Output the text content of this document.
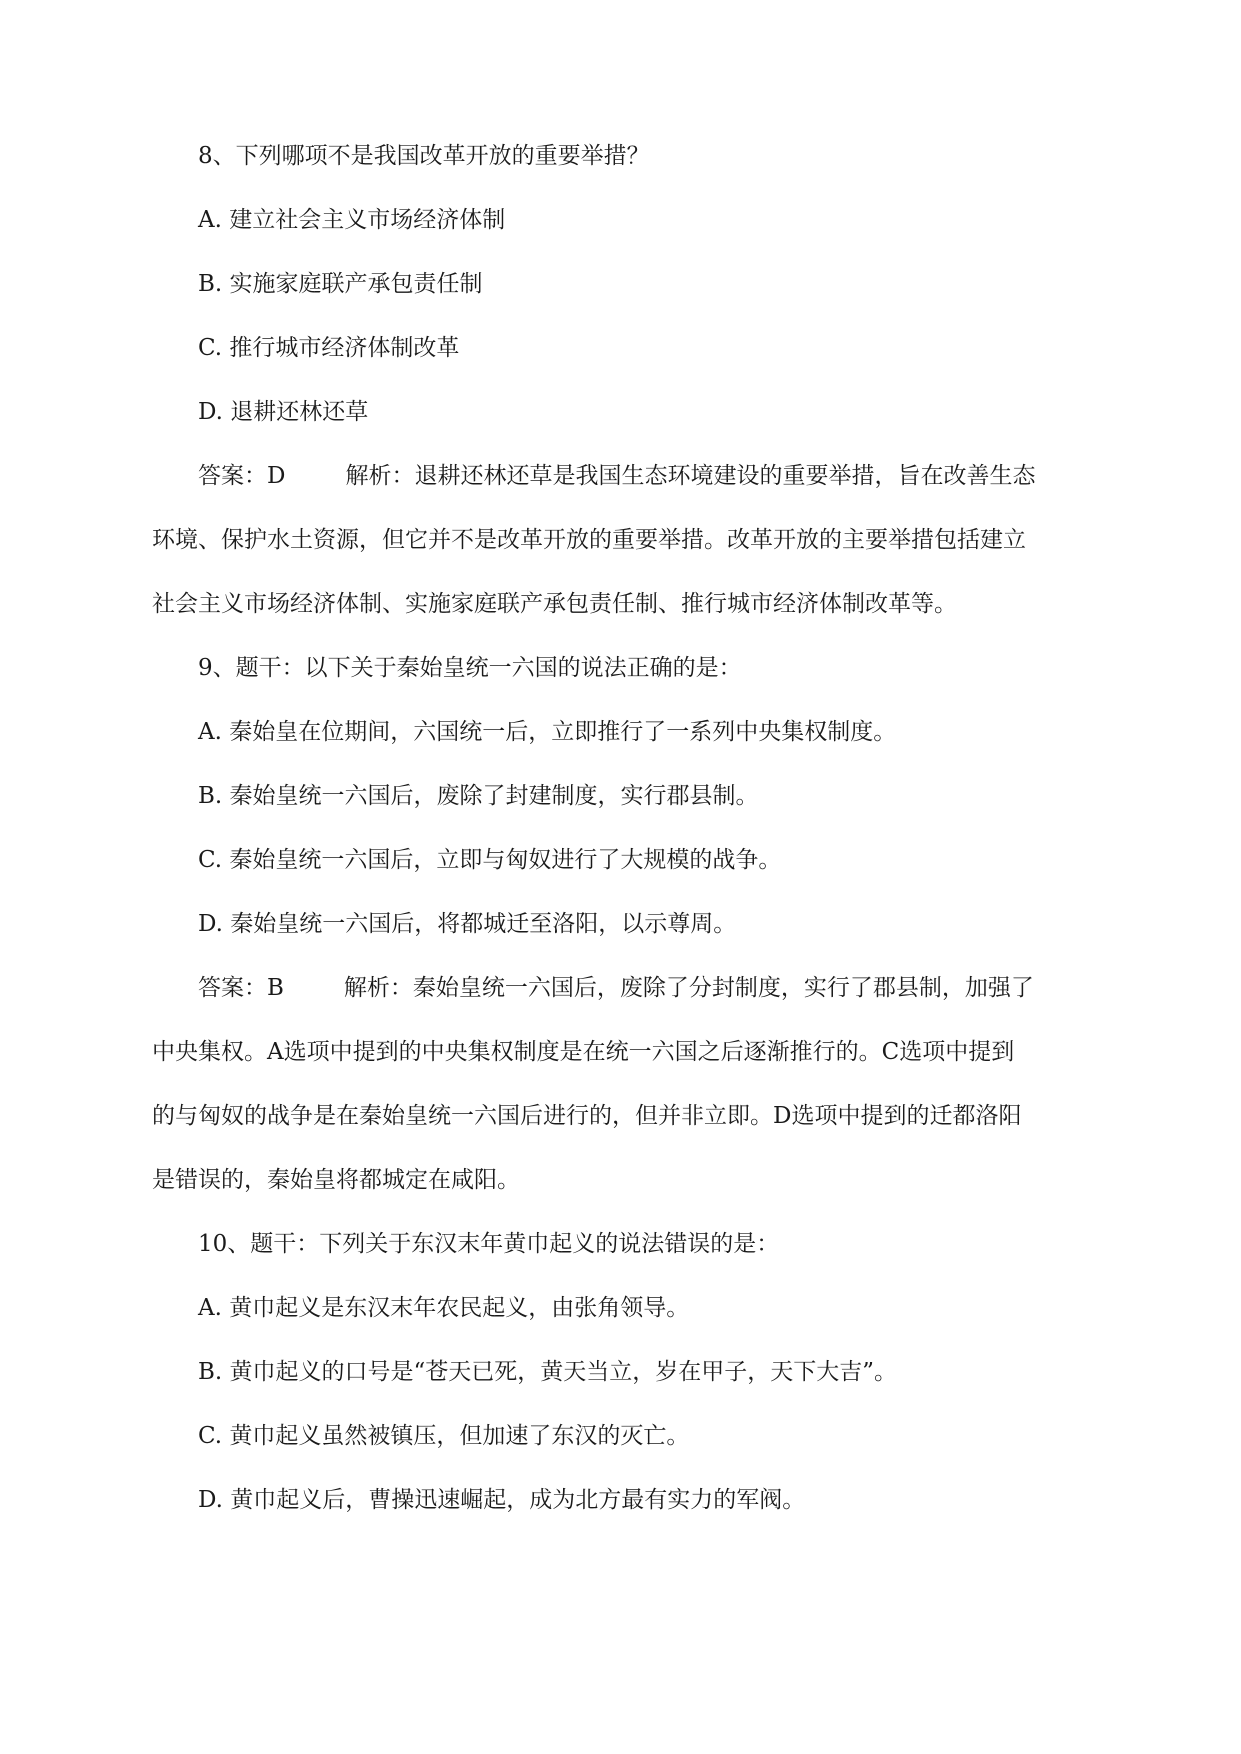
8、下列哪项不是我国改革开放的重要举措？

A. 建立社会主义市场经济体制

B. 实施家庭联产承包责任制

C. 推行城市经济体制改革

D. 退耕还林还草

答案：D	解析：退耕还林还草是我国生态环境建设的重要举措，旨在改善生态

环境、保护水土资源，但它并不是改革开放的重要举措。改革开放的主要举措包括建立

社会主义市场经济体制、实施家庭联产承包责任制、推行城市经济体制改革等。

9、题干：以下关于秦始皇统一六国的说法正确的是：

A. 秦始皇在位期间，六国统一后，立即推行了一系列中央集权制度。

B. 秦始皇统一六国后，废除了封建制度，实行郡县制。

C. 秦始皇统一六国后，立即与匈奴进行了大规模的战争。

D. 秦始皇统一六国后，将都城迁至洛阳，以示尊周。

答案：B	解析：秦始皇统一六国后，废除了分封制度，实行了郡县制，加强了

中央集权。A选项中提到的中央集权制度是在统一六国之后逐渐推行的。C选项中提到

的与匈奴的战争是在秦始皇统一六国后进行的，但并非立即。D选项中提到的迁都洛阳

是错误的，秦始皇将都城定在咸阳。

10、题干：下列关于东汉末年黄巾起义的说法错误的是：

A. 黄巾起义是东汉末年农民起义，由张角领导。

B. 黄巾起义的口号是“苍天已死，黄天当立，岁在甲子，天下大吉”。

C. 黄巾起义虽然被镇压，但加速了东汉的灭亡。

D. 黄巾起义后，曹操迅速崛起，成为北方最有实力的军阀。
